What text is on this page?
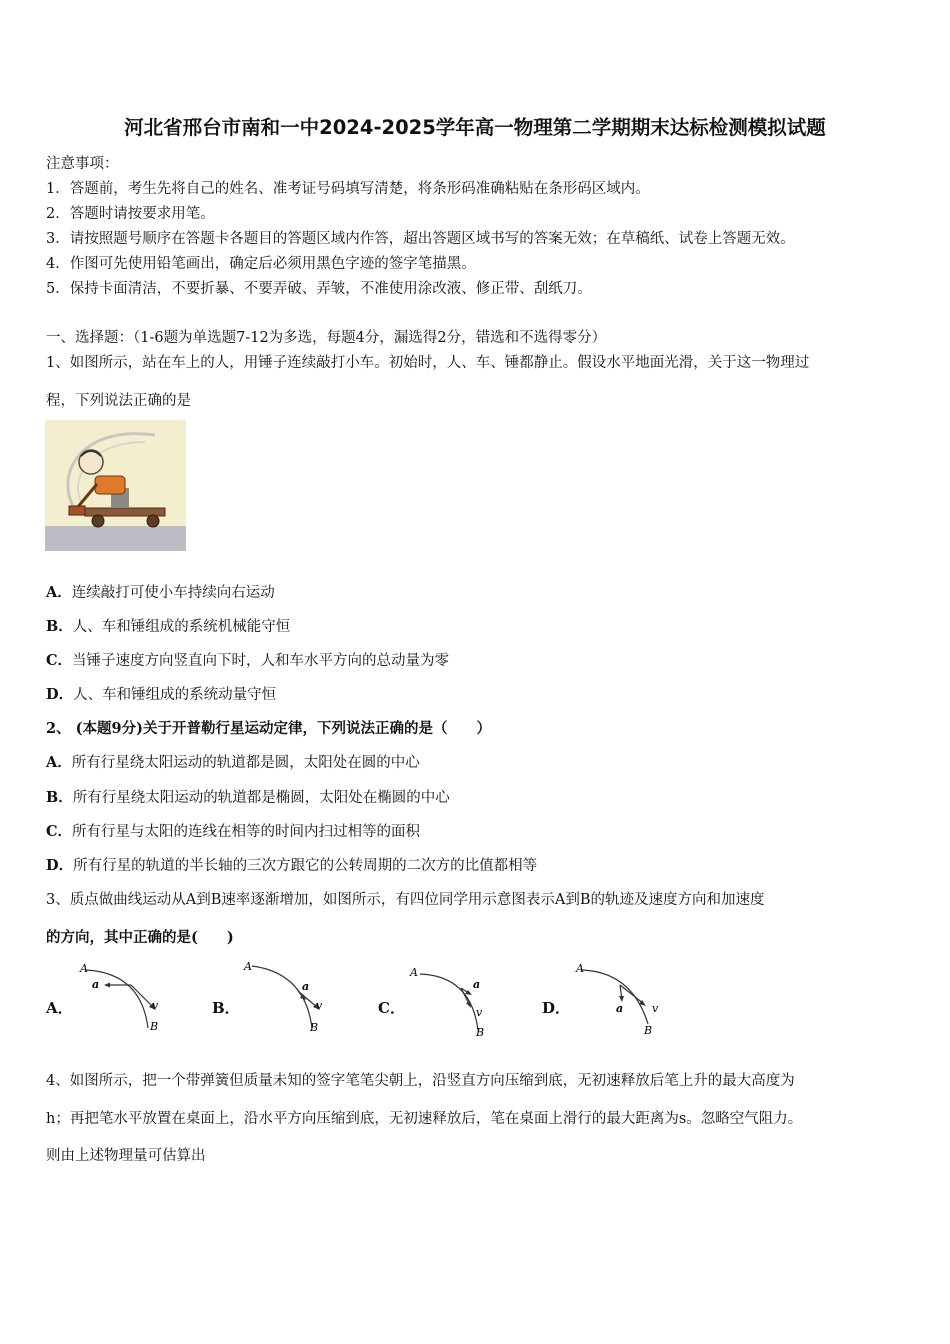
河北省邢台市南和一中2024-2025学年高一物理第二学期期末达标检测模拟试题
注意事项：
1．答题前，考生先将自己的姓名、准考证号码填写清楚，将条形码准确粘贴在条形码区域内。
2．答题时请按要求用笔。
3．请按照题号顺序在答题卡各题目的答题区域内作答，超出答题区域书写的答案无效；在草稿纸、试卷上答题无效。
4．作图可先使用铅笔画出，确定后必须用黑色字迹的签字笔描黑。
5．保持卡面清洁，不要折暴、不要弄破、弄皱，不准使用涂改液、修正带、刮纸刀。
一、选择题：（1-6题为单选题7-12为多选，每题4分，漏选得2分，错选和不选得零分）
1、如图所示，站在车上的人，用锤子连续敲打小车。初始时，人、车、锤都静止。假设水平地面光滑，关于这一物理过
程，下列说法正确的是
A．连续敲打可使小车持续向右运动
B．人、车和锤组成的系统机械能守恒
C．当锤子速度方向竖直向下时，人和车水平方向的总动量为零
D．人、车和锤组成的系统动量守恒
2、 (本题9分)关于开普勒行星运动定律，下列说法正确的是（　　）
A．所有行星绕太阳运动的轨道都是圆，太阳处在圆的中心
B．所有行星绕太阳运动的轨道都是椭圆，太阳处在椭圆的中心
C．所有行星与太阳的连线在相等的时间内扫过相等的面积
D．所有行星的轨道的半长轴的三次方跟它的公转周期的二次方的比值都相等
3、质点做曲线运动从A到B速率逐渐增加，如图所示，有四位同学用示意图表示A到B的轨迹及速度方向和加速度
的方向，其中正确的是(　　)
A．
A
a
v
B
B．
A
a
v
B
C．
A
a
v
B
D．
A
a	v
B
4、如图所示，把一个带弹簧但质量未知的签字笔笔尖朝上，沿竖直方向压缩到底，无初速释放后笔上升的最大高度为
h；再把笔水平放置在桌面上，沿水平方向压缩到底，无初速释放后，笔在桌面上滑行的最大距离为s。忽略空气阻力。
则由上述物理量可估算出
